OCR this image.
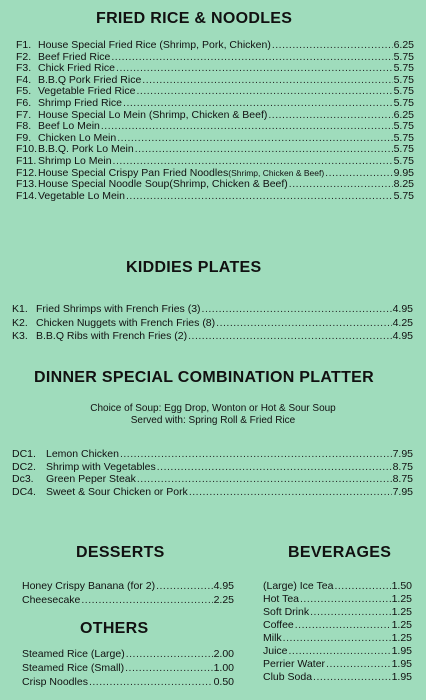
FRIED RICE & NOODLES
F1. House Special Fried Rice (Shrimp, Pork, Chicken) .....	6.25
F2. Beef Fried Rice .....	5.75
F3. Chick Fried Rice .....	5.75
F4. B.B.Q Pork Fried Rice .....	5.75
F5. Vegetable Fried Rice .....	5.75
F6. Shrimp Fried Rice .....	5.75
F7. House Special Lo Mein (Shrimp, Chicken & Beef) .....	6.25
F8. Beef Lo Mein .....	5.75
F9. Chicken Lo Mein .....	5.75
F10. B.B.Q. Pork Lo Mein .....	5.75
F11. Shrimp Lo Mein .....	5.75
F12. House Special Crispy Pan Fried Noodles (Shrimp, Chicken & Beef) .....	9.95
F13. House Special Noodle Soup(Shrimp, Chicken & Beef) .....	8.25
F14. Vegetable Lo Mein .....	5.75
KIDDIES PLATES
K1. Fried Shrimps with French Fries (3) .....	4.95
K2. Chicken Nuggets with French Fries (8) .....	4.25
K3. B.B.Q Ribs with French Fries (2) .....	4.95
DINNER SPECIAL COMBINATION PLATTER
Choice of Soup: Egg Drop, Wonton or Hot & Sour Soup
Served with: Spring Roll & Fried Rice
DC1. Lemon Chicken .....	7.95
DC2. Shrimp with Vegetables .....	8.75
Dc3.	Green Peper Steak .....	8.75
DC4. Sweet & Sour Chicken or Pork .....	7.95
DESSERTS
Honey Crispy Banana (for 2) .....	4.95
Cheesecake .....	2.25
OTHERS
Steamed Rice (Large) .....	2.00
Steamed Rice (Small) .....	1.00
Crisp Noodles .....	0.50
BEVERAGES
(Large) Ice Tea .....	1.50
Hot Tea .....	1.25
Soft Drink .....	1.25
Coffee .....	1.25
Milk .....	1.25
Juice .....	1.95
Perrier Water .....	1.95
Club Soda .....	1.95
